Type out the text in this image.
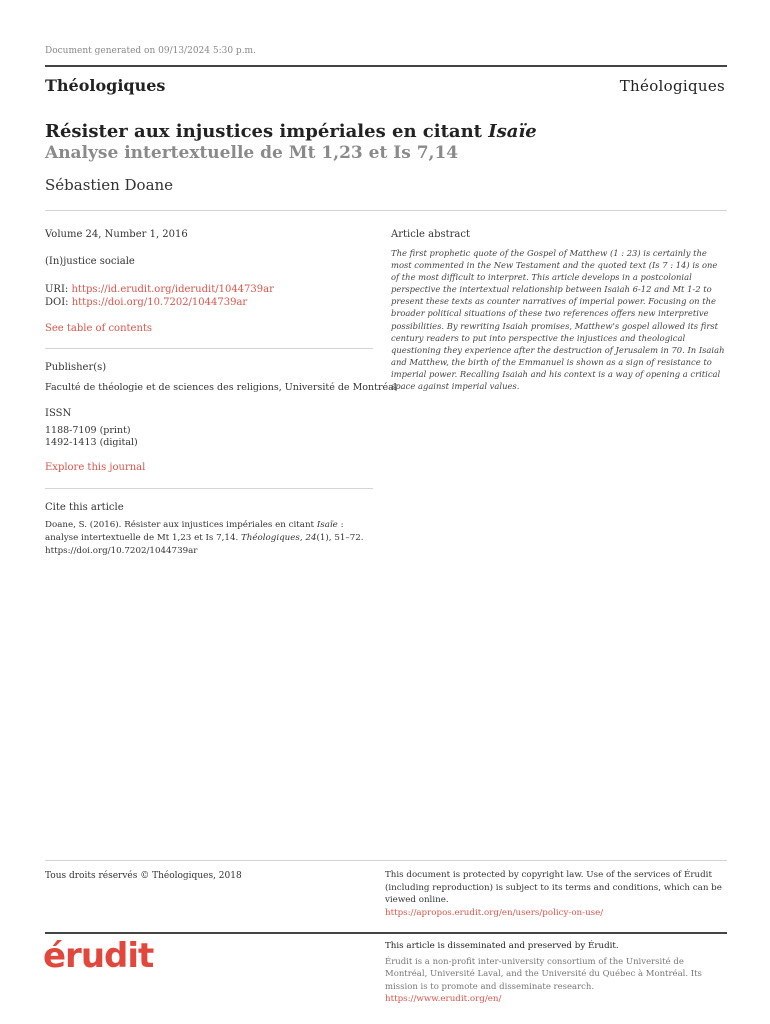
Document generated on 09/13/2024 5:30 p.m.
Théologiques	Théologiques
Résister aux injustices impériales en citant Isaïe
Analyse intertextuelle de Mt 1,23 et Is 7,14
Sébastien Doane
Volume 24, Number 1, 2016
(In)justice sociale
URI: https://id.erudit.org/iderudit/1044739ar
DOI: https://doi.org/10.7202/1044739ar
See table of contents
Publisher(s)
Faculté de théologie et de sciences des religions, Université de Montréal
ISSN
1188-7109 (print)
1492-1413 (digital)
Explore this journal
Cite this article
Doane, S. (2016). Résister aux injustices impériales en citant Isaïe : analyse intertextuelle de Mt 1,23 et Is 7,14. Théologiques, 24(1), 51–72. https://doi.org/10.7202/1044739ar
Article abstract
The first prophetic quote of the Gospel of Matthew (1 : 23) is certainly the most commented in the New Testament and the quoted text (Is 7 : 14) is one of the most difficult to interpret. This article develops in a postcolonial perspective the intertextual relationship between Isaiah 6-12 and Mt 1-2 to present these texts as counter narratives of imperial power. Focusing on the broader political situations of these two references offers new interpretive possibilities. By rewriting Isaiah promises, Matthew's gospel allowed its first century readers to put into perspective the injustices and theological questioning they experience after the destruction of Jerusalem in 70. In Isaiah and Matthew, the birth of the Emmanuel is shown as a sign of resistance to imperial power. Recalling Isaiah and his context is a way of opening a critical space against imperial values.
Tous droits réservés © Théologiques, 2018	This document is protected by copyright law. Use of the services of Érudit (including reproduction) is subject to its terms and conditions, which can be viewed online.
https://apropos.erudit.org/en/users/policy-on-use/
érudit	This article is disseminated and preserved by Érudit.
Érudit is a non-profit inter-university consortium of the Université de Montréal, Université Laval, and the Université du Québec à Montréal. Its mission is to promote and disseminate research.
https://www.erudit.org/en/
